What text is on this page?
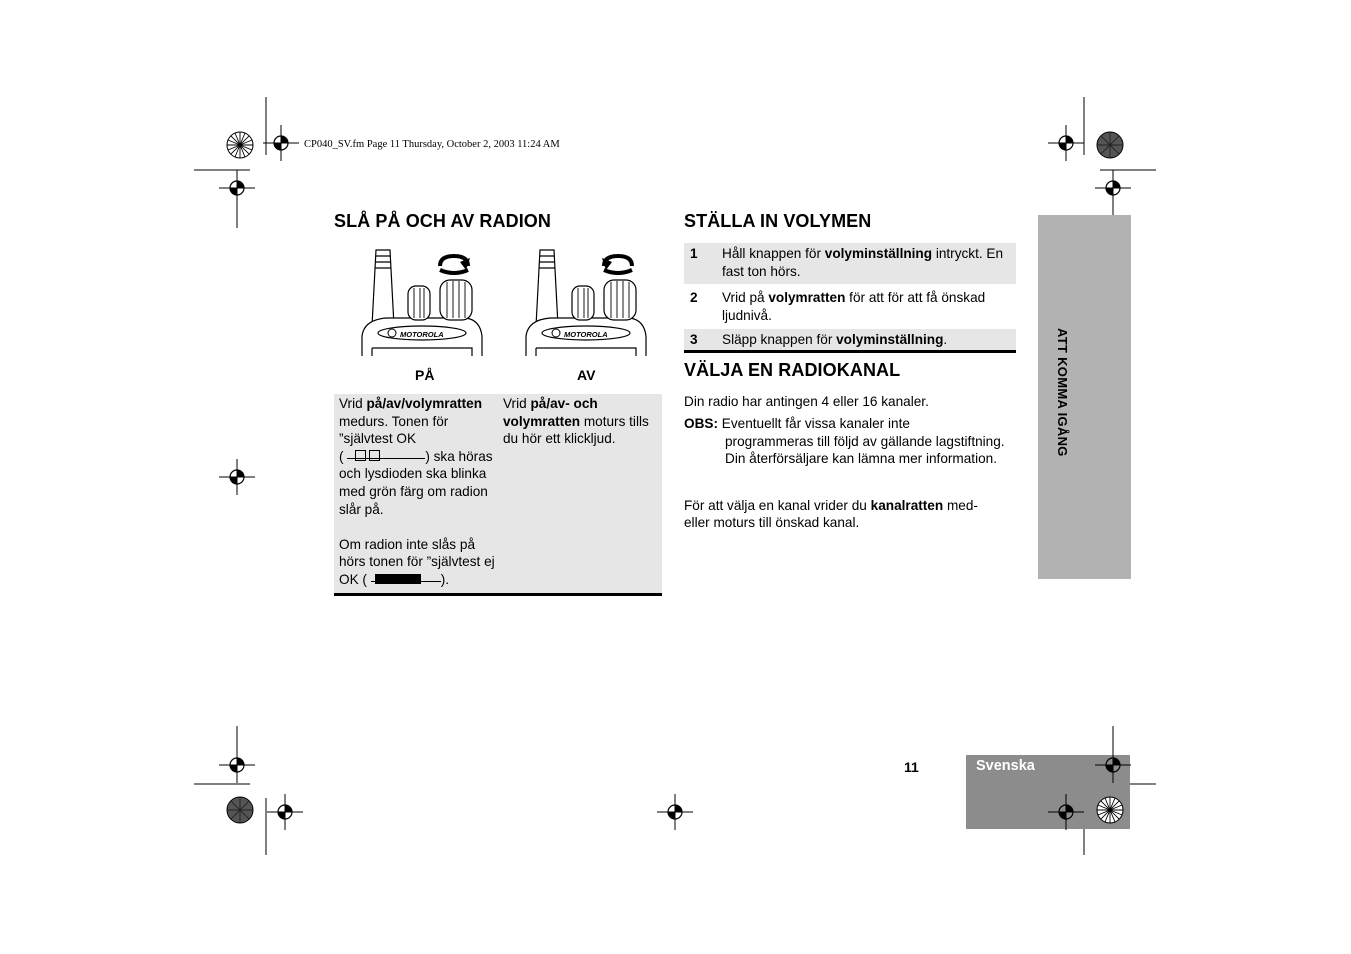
CP040_SV.fm Page 11 Thursday, October 2, 2003 11:24 AM
SLÅ PÅ OCH AV RADION
MOTOROLA	MOTOROLA
PÅ	AV
Vrid på/av/volymratten medurs. Tonen för ”självtest OK
(	) ska höras och lysdioden ska blinka med grön färg om radion slår på.
Om radion inte slås på hörs tonen för ”självtest ej OK (	).
Vrid på/av- och volymratten moturs tills du hör ett klickljud.
STÄLLA IN VOLYMEN
1 Håll knappen för volyminställning intryckt. En fast ton hörs.
2 Vrid på volymratten för att för att få önskad ljudnivå.
3 Släpp knappen för volyminställning.
VÄLJA EN RADIOKANAL
Din radio har antingen 4 eller 16 kanaler.
OBS: Eventuellt får vissa kanaler inte
programmeras till följd av gällande lagstiftning. Din återförsäljare kan lämna mer information.
För att välja en kanal vrider du kanalratten med- eller moturs till önskad kanal.
ATT KOMMA IGÅNG
11	Svenska
